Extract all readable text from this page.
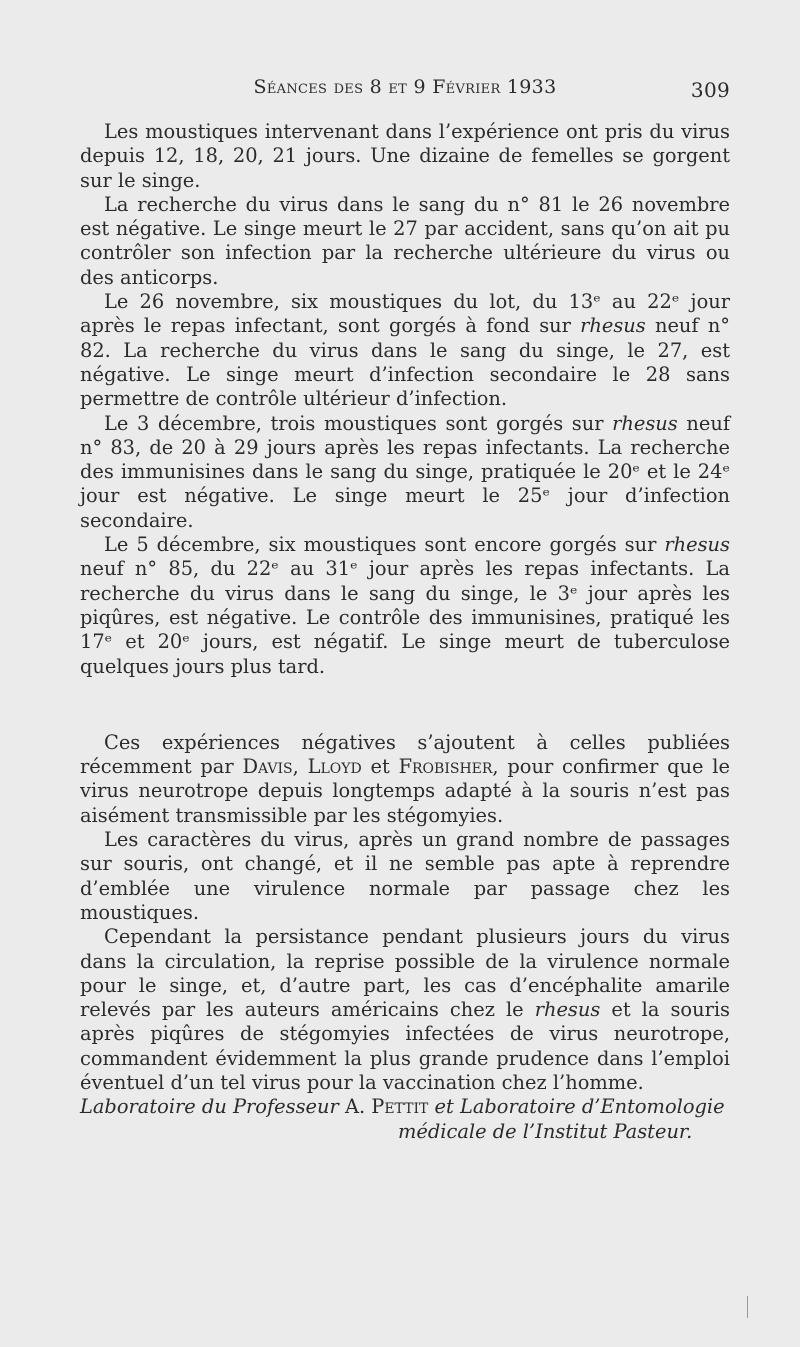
Séances des 8 et 9 Février 1933	309

Les moustiques intervenant dans l’expérience ont pris du virus depuis 12, 18, 20, 21 jours. Une dizaine de femelles se gorgent sur le singe.

La recherche du virus dans le sang du n° 81 le 26 novembre est négative. Le singe meurt le 27 par accident, sans qu’on ait pu contrôler son infection par la recherche ultérieure du virus ou des anticorps.

Le 26 novembre, six moustiques du lot, du 13ᵉ au 22ᵉ jour après le repas infectant, sont gorgés à fond sur rhesus neuf n° 82. La recherche du virus dans le sang du singe, le 27, est négative. Le singe meurt d’infection secondaire le 28 sans permettre de contrôle ultérieur d’infection.

Le 3 décembre, trois moustiques sont gorgés sur rhesus neuf n° 83, de 20 à 29 jours après les repas infectants. La recherche des immunisines dans le sang du singe, pratiquée le 20ᵉ et le 24ᵉ jour est négative. Le singe meurt le 25ᵉ jour d’infection secondaire.

Le 5 décembre, six moustiques sont encore gorgés sur rhesus neuf n° 85, du 22ᵉ au 31ᵉ jour après les repas infectants. La recherche du virus dans le sang du singe, le 3ᵉ jour après les piqûres, est négative. Le contrôle des immunisines, pratiqué les 17ᵉ et 20ᵉ jours, est négatif. Le singe meurt de tuberculose quelques jours plus tard.

Ces expériences négatives s’ajoutent à celles publiées récemment par Davis, Lloyd et Frobisher, pour confirmer que le virus neurotrope depuis longtemps adapté à la souris n’est pas aisément transmissible par les stégomyies.

Les caractères du virus, après un grand nombre de passages sur souris, ont changé, et il ne semble pas apte à reprendre d’emblée une virulence normale par passage chez les moustiques.

Cependant la persistance pendant plusieurs jours du virus dans la circulation, la reprise possible de la virulence normale pour le singe, et, d’autre part, les cas d’encéphalite amarile relevés par les auteurs américains chez le rhesus et la souris après piqûres de stégomyies infectées de virus neurotrope, commandent évidemment la plus grande prudence dans l’emploi éventuel d’un tel virus pour la vaccination chez l’homme.

Laboratoire du Professeur A. Pettit et Laboratoire d’Entomologie
médicale de l’Institut Pasteur.
